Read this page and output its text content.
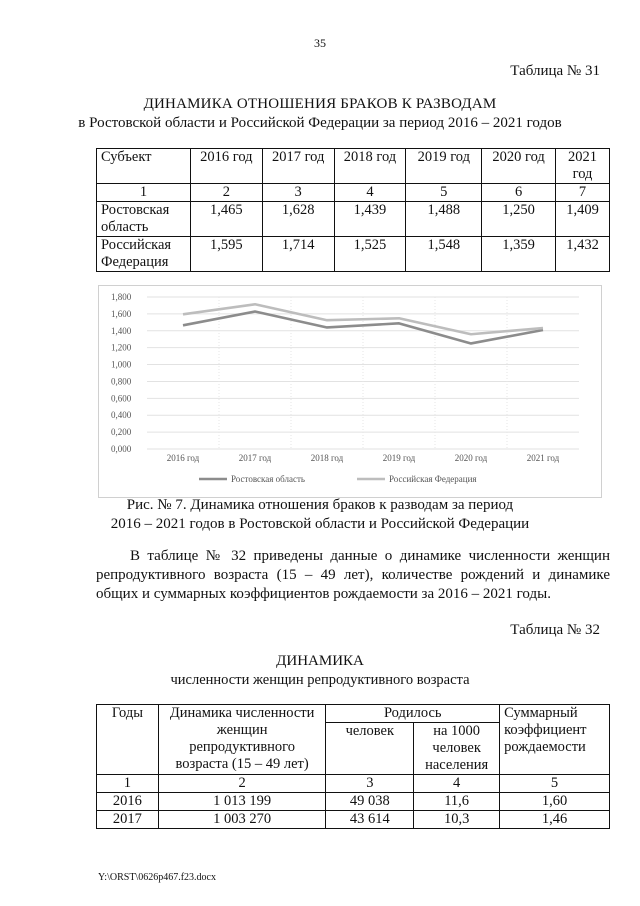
35
Таблица № 31
ДИНАМИКА ОТНОШЕНИЯ БРАКОВ К РАЗВОДАМ
в Ростовской области и Российской Федерации за период 2016 – 2021 годов
Субъект	2016 год	2017 год	2018 год	2019 год	2020 год	2021 год
1	2	3	4	5	6	7
Ростовская область	1,465	1,628	1,439	1,488	1,250	1,409
Российская Федерация	1,595	1,714	1,525	1,548	1,359	1,432
0,000
0,200
0,400
0,600
0,800
1,000
1,200
1,400
1,600
1,800
2016 год	2017 год	2018 год	2019 год	2020 год	2021 год
Ростовская область	Российская Федерация
Рис. № 7. Динамика отношения браков к разводам за период
2016 – 2021 годов в Ростовской области и Российской Федерации
В таблице № 32 приведены данные о динамике численности женщин репродуктивного возраста (15 – 49 лет), количестве рождений и динамике общих и суммарных коэффициентов рождаемости за 2016 – 2021 годы.
Таблица № 32
ДИНАМИКА
численности женщин репродуктивного возраста
Годы	Динамика численности женщин репродуктивного возраста (15 – 49 лет)	Родилось		Суммарный коэффициент рождаемости
		человек	на 1000 человек населения	
1	2	3	4	5
2016	1 013 199	49 038	11,6	1,60
2017	1 003 270	43 614	10,3	1,46
Y:\ORST\0626p467.f23.docx
